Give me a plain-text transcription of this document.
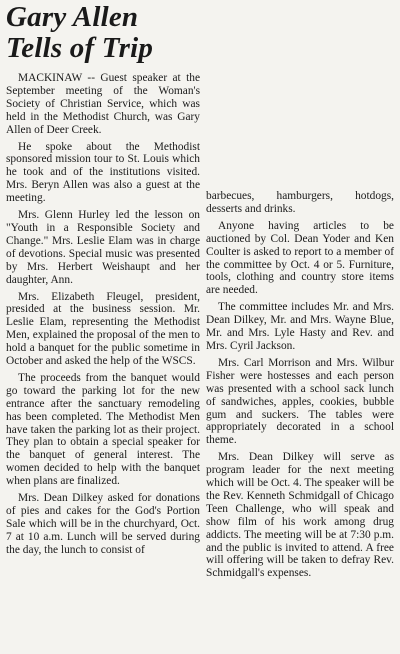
Gary Allen
Tells of Trip

MACKINAW -- Guest speaker at the September meeting of the Woman's Society of Christian Service, which was held in the Methodist Church, was Gary Allen of Deer Creek.

He spoke about the Methodist sponsored mission tour to St. Louis which he took and of the institutions visited. Mrs. Beryn Allen was also a guest at the meeting.

Mrs. Glenn Hurley led the lesson on "Youth in a Responsible Society and Change." Mrs. Leslie Elam was in charge of devotions. Special music was presented by Mrs. Herbert Weishaupt and her daughter, Ann.

Mrs. Elizabeth Fleugel, president, presided at the business session. Mr. Leslie Elam, representing the Methodist Men, explained the proposal of the men to hold a banquet for the public sometime in October and asked the help of the WSCS.

The proceeds from the banquet would go toward the parking lot for the new entrance after the sanctuary remodeling has been completed. The Methodist Men have taken the parking lot as their project. They plan to obtain a special speaker for the banquet of general interest. The women decided to help with the banquet when plans are finalized.

Mrs. Dean Dilkey asked for donations of pies and cakes for the God's Portion Sale which will be in the churchyard, Oct. 7 at 10 a.m. Lunch will be served during the day, the lunch to consist of

barbecues, hamburgers, hotdogs, desserts and drinks.

Anyone having articles to be auctioned by Col. Dean Yoder and Ken Coulter is asked to report to a member of the committee by Oct. 4 or 5. Furniture, tools, clothing and country store items are needed.

The committee includes Mr. and Mrs. Dean Dilkey, Mr. and Mrs. Wayne Blue, Mr. and Mrs. Lyle Hasty and Rev. and Mrs. Cyril Jackson.

Mrs. Carl Morrison and Mrs. Wilbur Fisher were hostesses and each person was presented with a school sack lunch of sandwiches, apples, cookies, bubble gum and suckers. The tables were appropriately decorated in a school theme.

Mrs. Dean Dilkey will serve as program leader for the next meeting which will be Oct. 4. The speaker will be the Rev. Kenneth Schmidgall of Chicago Teen Challenge, who will speak and show film of his work among drug addicts. The meeting will be at 7:30 p.m. and the public is invited to attend. A free will offering will be taken to defray Rev. Schmidgall's expenses.
